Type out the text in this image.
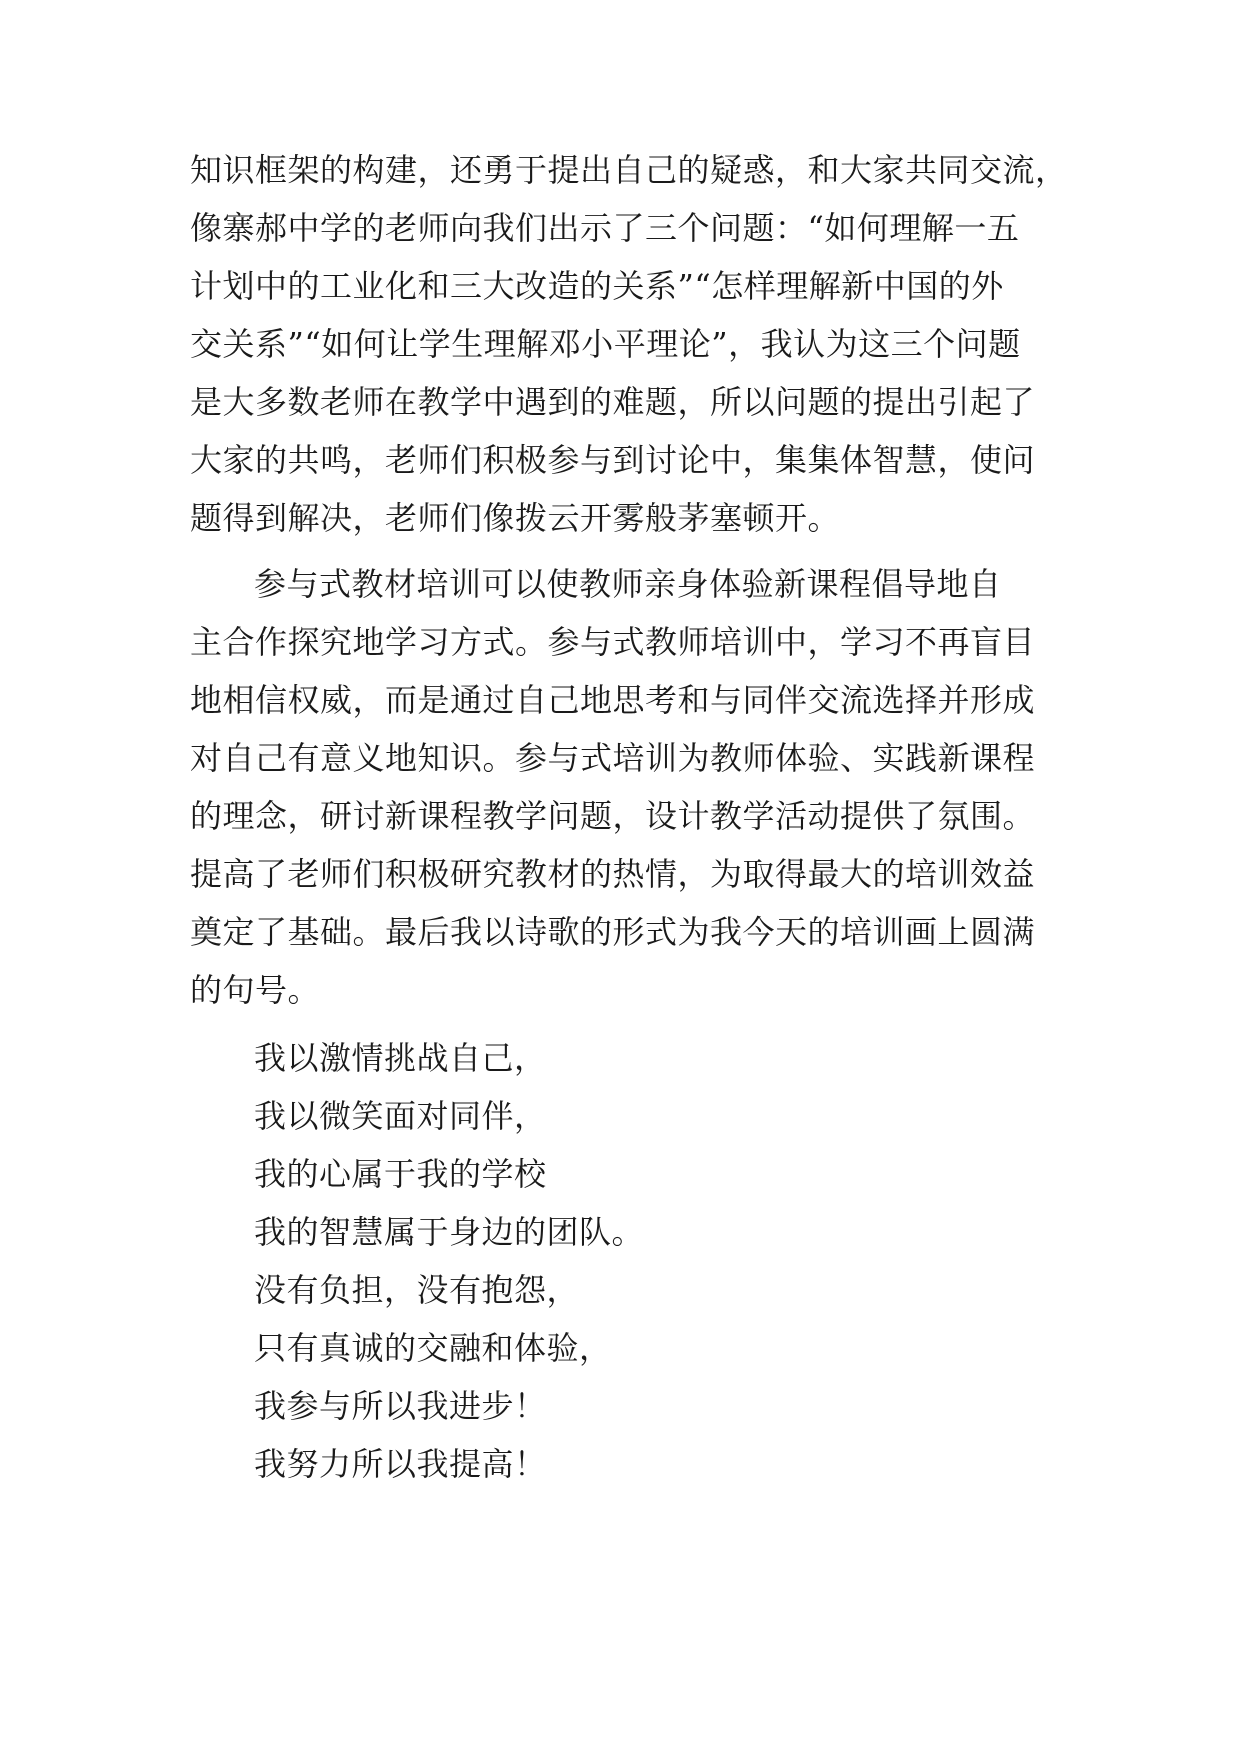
知识框架的构建，还勇于提出自己的疑惑，和大家共同交流，
像寨郝中学的老师向我们出示了三个问题：“如何理解一五
计划中的工业化和三大改造的关系”“怎样理解新中国的外
交关系”“如何让学生理解邓小平理论”，我认为这三个问题
是大多数老师在教学中遇到的难题，所以问题的提出引起了
大家的共鸣，老师们积极参与到讨论中，集集体智慧，使问
题得到解决，老师们像拨云开雾般茅塞顿开。
参与式教材培训可以使教师亲身体验新课程倡导地自
主合作探究地学习方式。参与式教师培训中，学习不再盲目
地相信权威，而是通过自己地思考和与同伴交流选择并形成
对自己有意义地知识。参与式培训为教师体验、实践新课程
的理念，研讨新课程教学问题，设计教学活动提供了氛围。
提高了老师们积极研究教材的热情，为取得最大的培训效益
奠定了基础。最后我以诗歌的形式为我今天的培训画上圆满
的句号。
我以激情挑战自己，
我以微笑面对同伴，
我的心属于我的学校
我的智慧属于身边的团队。
没有负担，没有抱怨，
只有真诚的交融和体验，
我参与所以我进步！
我努力所以我提高！
